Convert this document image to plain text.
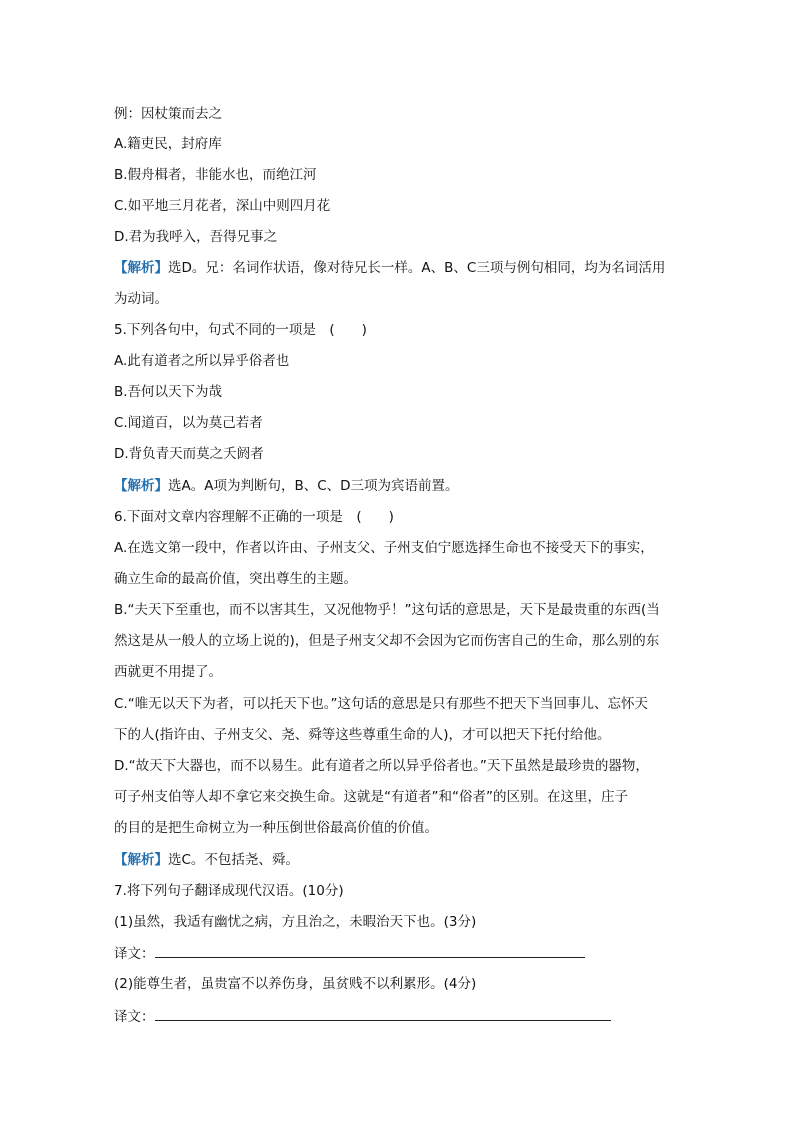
例：因杖策而去之
A.籍吏民，封府库
B.假舟楫者，非能水也，而绝江河
C.如平地三月花者，深山中则四月花
D.君为我呼入，吾得兄事之
【解析】选D。兄：名词作状语，像对待兄长一样。A、B、C三项与例句相同，均为名词活用
为动词。
5.下列各句中，句式不同的一项是　(　　)
A.此有道者之所以异乎俗者也
B.吾何以天下为哉
C.闻道百，以为莫己若者
D.背负青天而莫之夭阏者
【解析】选A。A项为判断句，B、C、D三项为宾语前置。
6.下面对文章内容理解不正确的一项是　(　　)
A.在选文第一段中，作者以许由、子州支父、子州支伯宁愿选择生命也不接受天下的事实，
确立生命的最高价值，突出尊生的主题。
B.“夫天下至重也，而不以害其生，又况他物乎！”这句话的意思是，天下是最贵重的东西(当
然这是从一般人的立场上说的)，但是子州支父却不会因为它而伤害自己的生命，那么别的东
西就更不用提了。
C.“唯无以天下为者，可以托天下也。”这句话的意思是只有那些不把天下当回事儿、忘怀天
下的人(指许由、子州支父、尧、舜等这些尊重生命的人)，才可以把天下托付给他。
D.“故天下大器也，而不以易生。此有道者之所以异乎俗者也。”天下虽然是最珍贵的器物，
可子州支伯等人却不拿它来交换生命。这就是“有道者”和“俗者”的区别。在这里，庄子
的目的是把生命树立为一种压倒世俗最高价值的价值。
【解析】选C。不包括尧、舜。
7.将下列句子翻译成现代汉语。(10分)
(1)虽然，我适有幽忧之病，方且治之，未暇治天下也。(3分)
译文：
(2)能尊生者，虽贵富不以养伤身，虽贫贱不以利累形。(4分)
译文：
